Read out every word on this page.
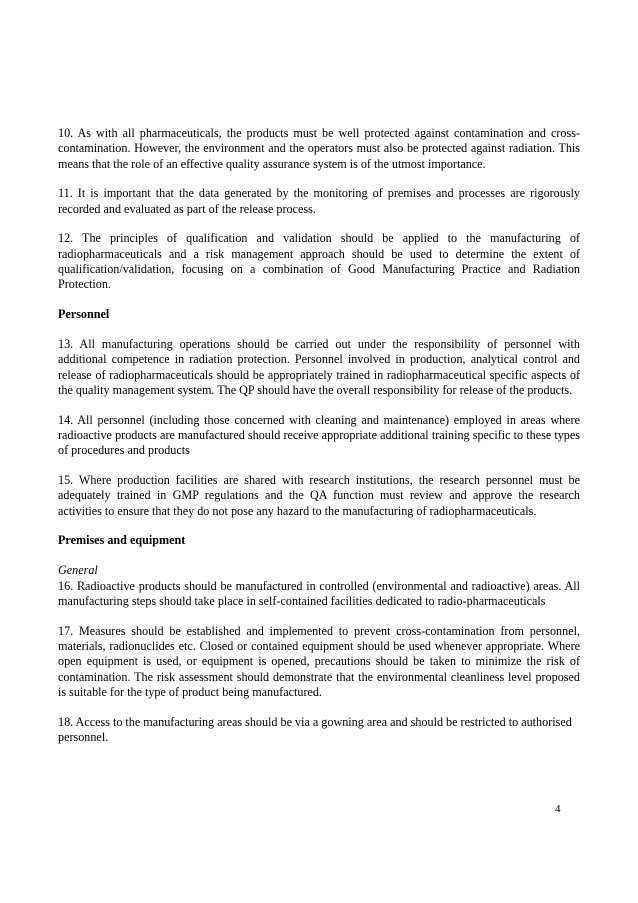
10. As with all pharmaceuticals, the products must be well protected against contamination and cross-contamination. However, the environment and the operators must also be protected against radiation. This means that the role of an effective quality assurance system is of the utmost importance.

11. It is important that the data generated by the monitoring of premises and processes are rigorously recorded and evaluated as part of the release process.

12. The principles of qualification and validation should be applied to the manufacturing of radiopharmaceuticals and a risk management approach should be used to determine the extent of qualification/validation, focusing on a combination of Good Manufacturing Practice and Radiation Protection.

Personnel

13. All manufacturing operations should be carried out under the responsibility of personnel with additional competence in radiation protection. Personnel involved in production, analytical control and release of radiopharmaceuticals should be appropriately trained in radiopharmaceutical specific aspects of the quality management system. The QP should have the overall responsibility for release of the products.

14. All personnel (including those concerned with cleaning and maintenance) employed in areas where radioactive products are manufactured should receive appropriate additional training specific to these types of procedures and products

15. Where production facilities are shared with research institutions, the research personnel must be adequately trained in GMP regulations and the QA function must review and approve the research activities to ensure that they do not pose any hazard to the manufacturing of radiopharmaceuticals.

Premises and equipment
General

16. Radioactive products should be manufactured in controlled (environmental and radioactive) areas. All manufacturing steps should take place in self-contained facilities dedicated to radio-pharmaceuticals

17. Measures should be established and implemented to prevent cross-contamination from personnel, materials, radionuclides etc. Closed or contained equipment should be used whenever appropriate. Where open equipment is used, or equipment is opened, precautions should be taken to minimize the risk of contamination. The risk assessment should demonstrate that the environmental cleanliness level proposed is suitable for the type of product being manufactured.

18. Access to the manufacturing areas should be via a gowning area and should be restricted to authorised personnel.

4
